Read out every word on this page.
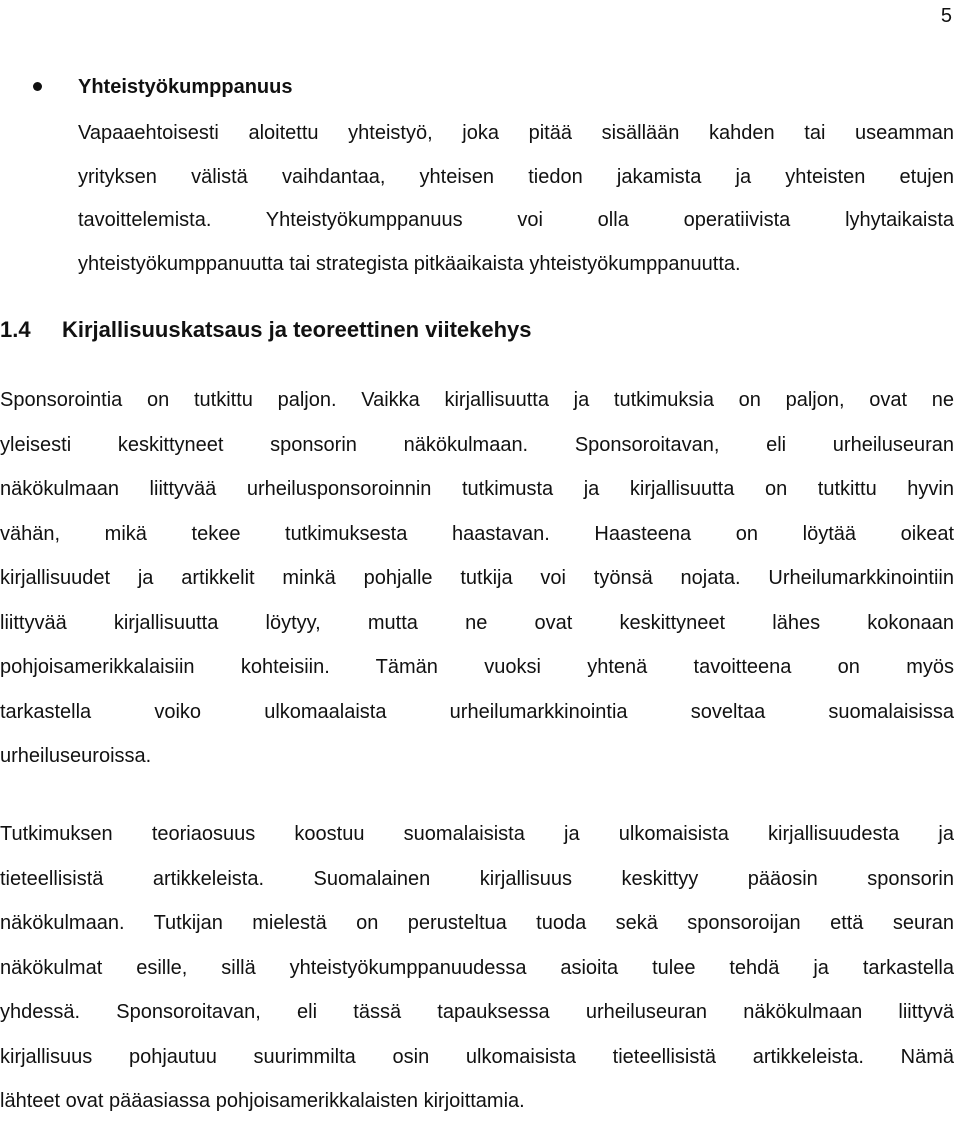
5
Yhteistyökumppanuus
Vapaaehtoisesti aloitettu yhteistyö, joka pitää sisällään kahden tai useamman
yrityksen välistä vaihdantaa, yhteisen tiedon jakamista ja yhteisten etujen
tavoittelemista. Yhteistyökumppanuus voi olla operatiivista lyhytaikaista
yhteistyökumppanuutta tai strategista pitkäaikaista yhteistyökumppanuutta.
1.4 Kirjallisuuskatsaus ja teoreettinen viitekehys
Sponsorointia on tutkittu paljon. Vaikka kirjallisuutta ja tutkimuksia on paljon, ovat ne
yleisesti keskittyneet sponsorin näkökulmaan. Sponsoroitavan, eli urheiluseuran
näkökulmaan liittyvää urheilusponsoroinnin tutkimusta ja kirjallisuutta on tutkittu hyvin
vähän, mikä tekee tutkimuksesta haastavan. Haasteena on löytää oikeat
kirjallisuudet ja artikkelit minkä pohjalle tutkija voi työnsä nojata. Urheilumarkkinointiin
liittyvää kirjallisuutta löytyy, mutta ne ovat keskittyneet lähes kokonaan
pohjoisamerikkalaisiin kohteisiin. Tämän vuoksi yhtenä tavoitteena on myös
tarkastella voiko ulkomaalaista urheilumarkkinointia soveltaa suomalaisissa
urheiluseuroissa.
Tutkimuksen teoriaosuus koostuu suomalaisista ja ulkomaisista kirjallisuudesta ja
tieteellisistä artikkeleista. Suomalainen kirjallisuus keskittyy pääosin sponsorin
näkökulmaan. Tutkijan mielestä on perusteltua tuoda sekä sponsoroijan että seuran
näkökulmat esille, sillä yhteistyökumppanuudessa asioita tulee tehdä ja tarkastella
yhdessä. Sponsoroitavan, eli tässä tapauksessa urheiluseuran näkökulmaan liittyvä
kirjallisuus pohjautuu suurimmilta osin ulkomaisista tieteellisistä artikkeleista. Nämä
lähteet ovat pääasiassa pohjoisamerikkalaisten kirjoittamia.
